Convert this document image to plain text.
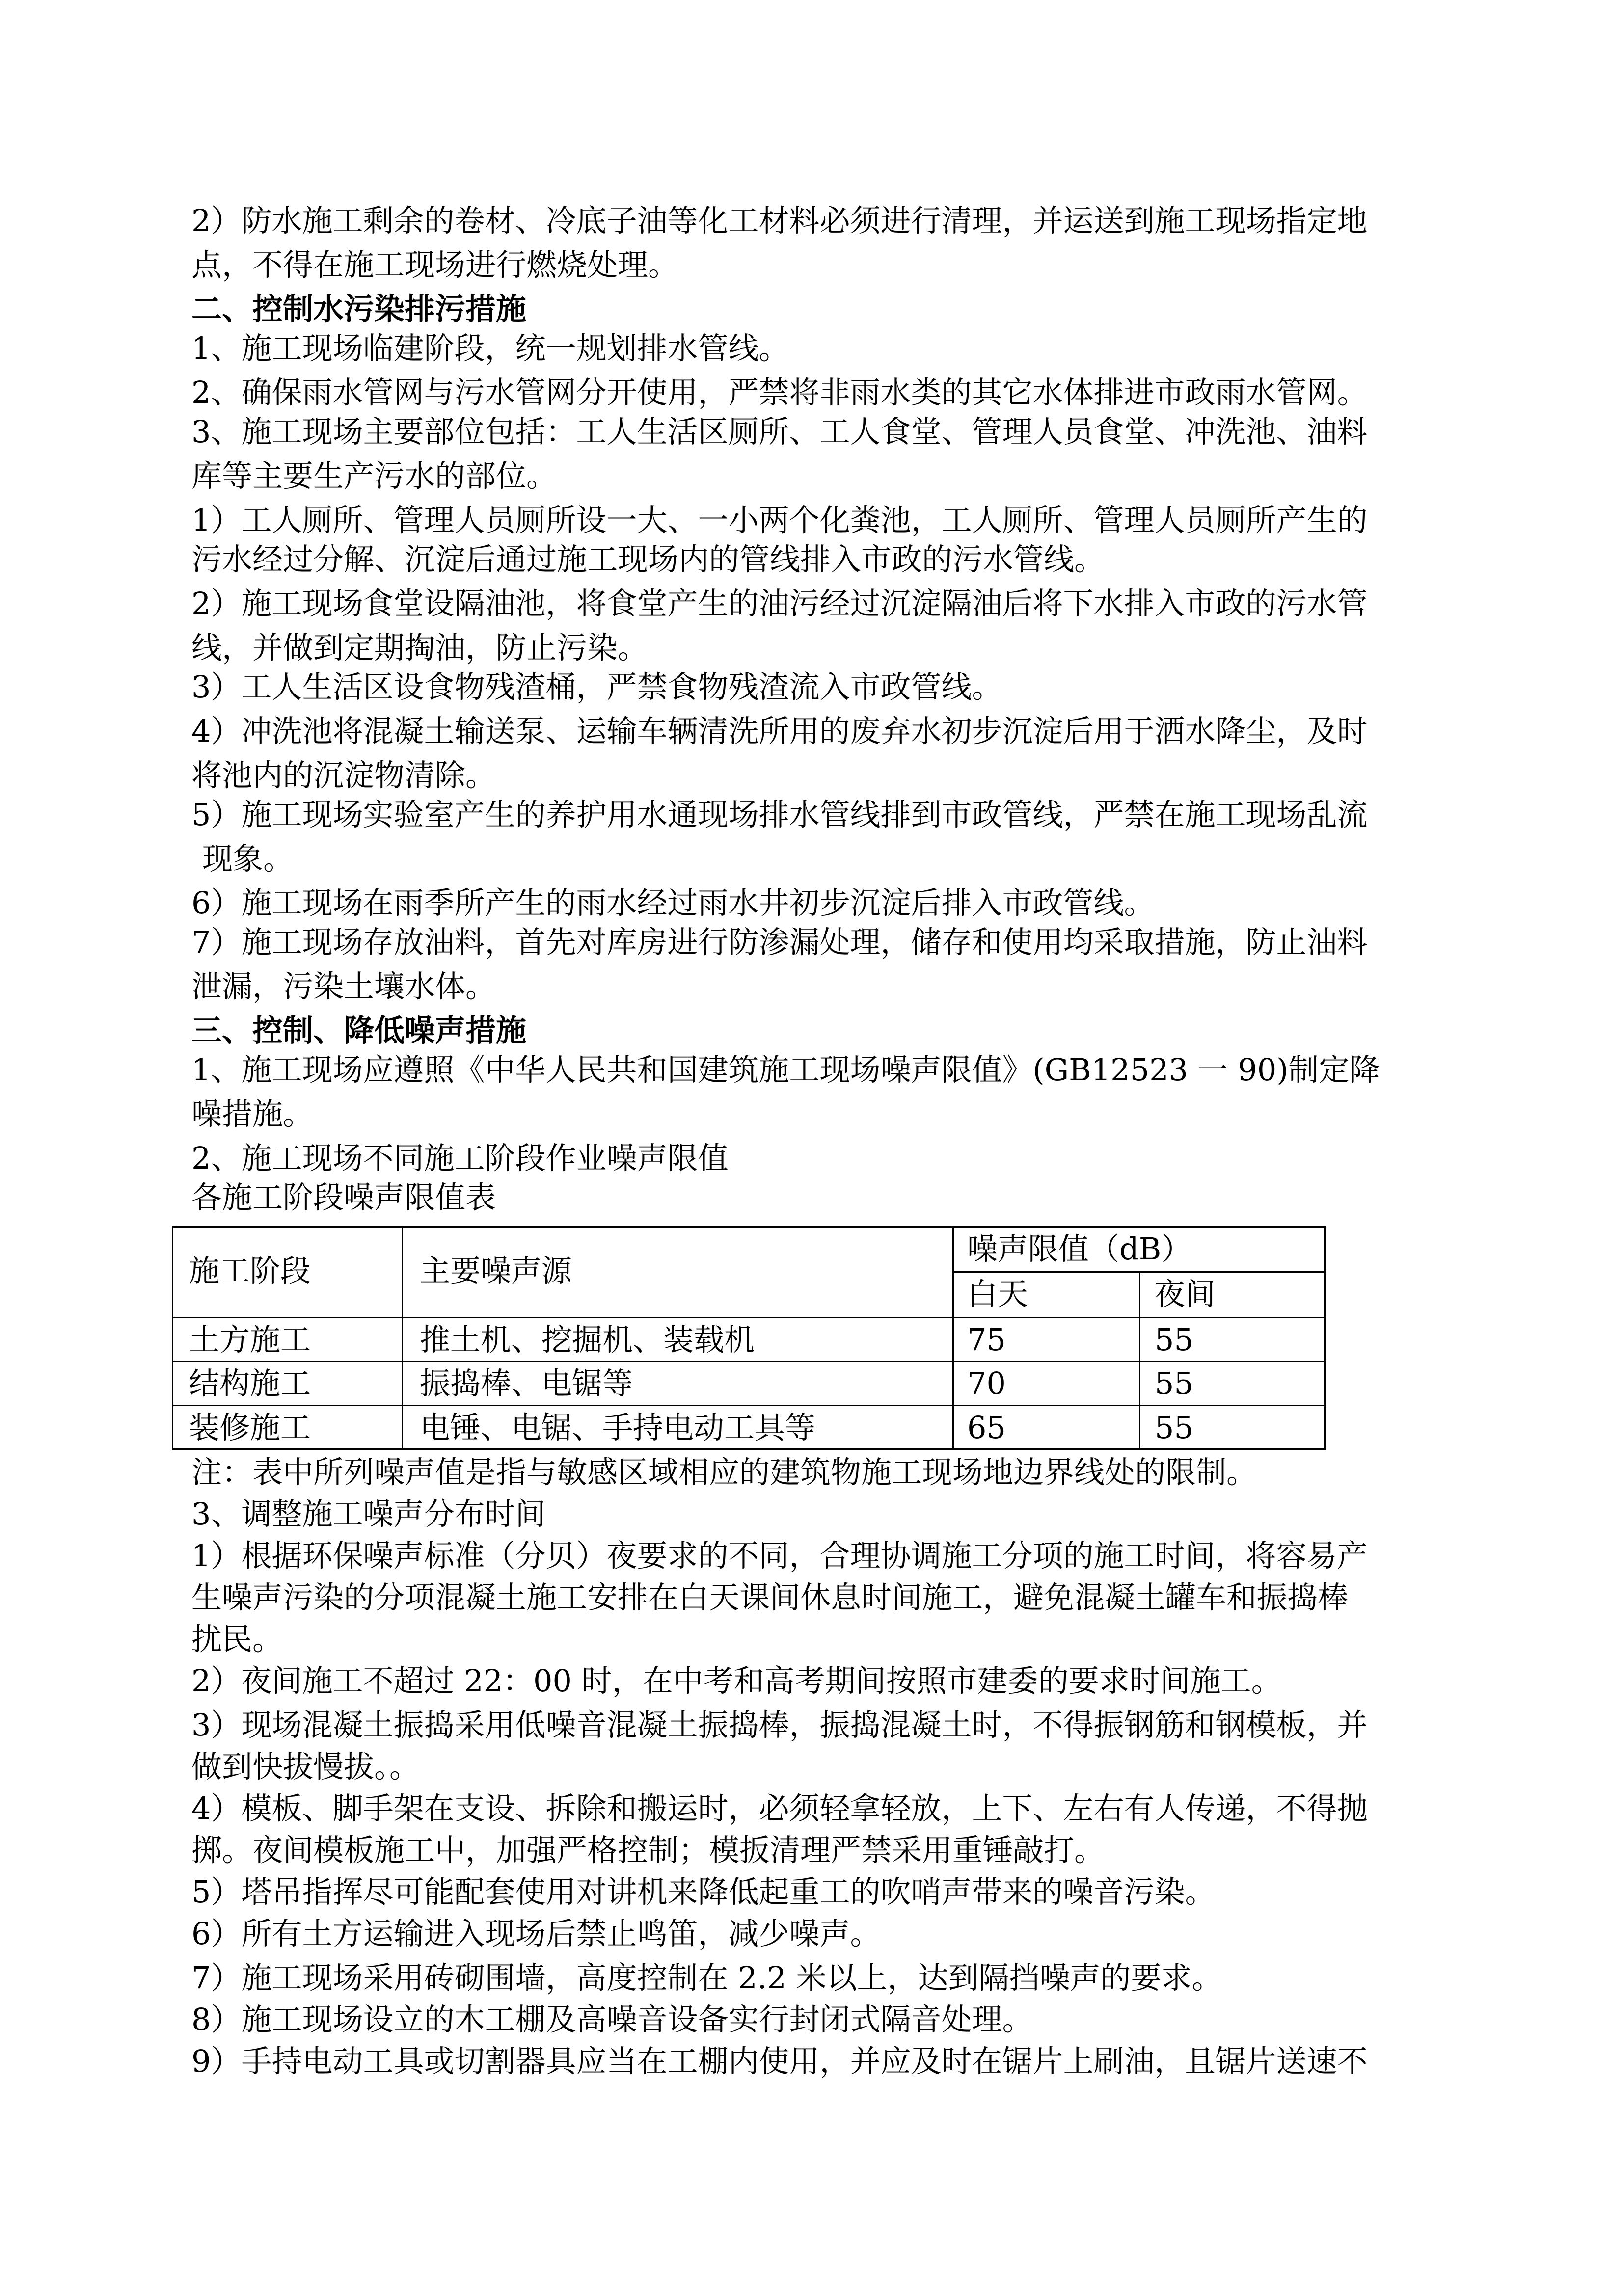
2）防水施工剩余的卷材、冷底子油等化工材料必须进行清理，并运送到施工现场指定地
点，不得在施工现场进行燃烧处理。
二、控制水污染排污措施
1、施工现场临建阶段，统一规划排水管线。
2、确保雨水管网与污水管网分开使用，严禁将非雨水类的其它水体排进市政雨水管网。
3、施工现场主要部位包括：工人生活区厕所、工人食堂、管理人员食堂、冲洗池、油料
库等主要生产污水的部位。
1）工人厕所、管理人员厕所设一大、一小两个化粪池，工人厕所、管理人员厕所产生的
污水经过分解、沉淀后通过施工现场内的管线排入市政的污水管线。
2）施工现场食堂设隔油池，将食堂产生的油污经过沉淀隔油后将下水排入市政的污水管
线，并做到定期掏油，防止污染。
3）工人生活区设食物残渣桶，严禁食物残渣流入市政管线。
4）冲洗池将混凝土输送泵、运输车辆清洗所用的废弃水初步沉淀后用于洒水降尘，及时
将池内的沉淀物清除。
5）施工现场实验室产生的养护用水通现场排水管线排到市政管线，严禁在施工现场乱流
现象。
6）施工现场在雨季所产生的雨水经过雨水井初步沉淀后排入市政管线。
7）施工现场存放油料，首先对库房进行防渗漏处理，储存和使用均采取措施，防止油料
泄漏，污染土壤水体。
三、控制、降低噪声措施
1、施工现场应遵照《中华人民共和国建筑施工现场噪声限值》(GB12523 一 90)制定降
噪措施。
2、施工现场不同施工阶段作业噪声限值
各施工阶段噪声限值表
施工阶段	主要噪声源
噪声限值（dB）
白天	夜间
土方施工	推土机、挖掘机、装载机	75	55
结构施工	振捣棒、电锯等	70	55
装修施工	电锤、电锯、手持电动工具等	65	55
注：表中所列噪声值是指与敏感区域相应的建筑物施工现场地边界线处的限制。
3、调整施工噪声分布时间
1）根据环保噪声标准（分贝）夜要求的不同，合理协调施工分项的施工时间，将容易产
生噪声污染的分项混凝土施工安排在白天课间休息时间施工，避免混凝土罐车和振捣棒
扰民。
2）夜间施工不超过 22：00 时，在中考和高考期间按照市建委的要求时间施工。
3）现场混凝土振捣采用低噪音混凝土振捣棒，振捣混凝土时，不得振钢筋和钢模板，并
做到快拔慢拔。。
4）模板、脚手架在支设、拆除和搬运时，必须轻拿轻放，上下、左右有人传递，不得抛
掷。夜间模板施工中，加强严格控制；模扳清理严禁采用重锤敲打。
5）塔吊指挥尽可能配套使用对讲机来降低起重工的吹哨声带来的噪音污染。
6）所有土方运输进入现场后禁止鸣笛，减少噪声。
7）施工现场采用砖砌围墙，高度控制在 2.2 米以上，达到隔挡噪声的要求。
8）施工现场设立的木工棚及高噪音设备实行封闭式隔音处理。
9）手持电动工具或切割器具应当在工棚内使用，并应及时在锯片上刷油，且锯片送速不
